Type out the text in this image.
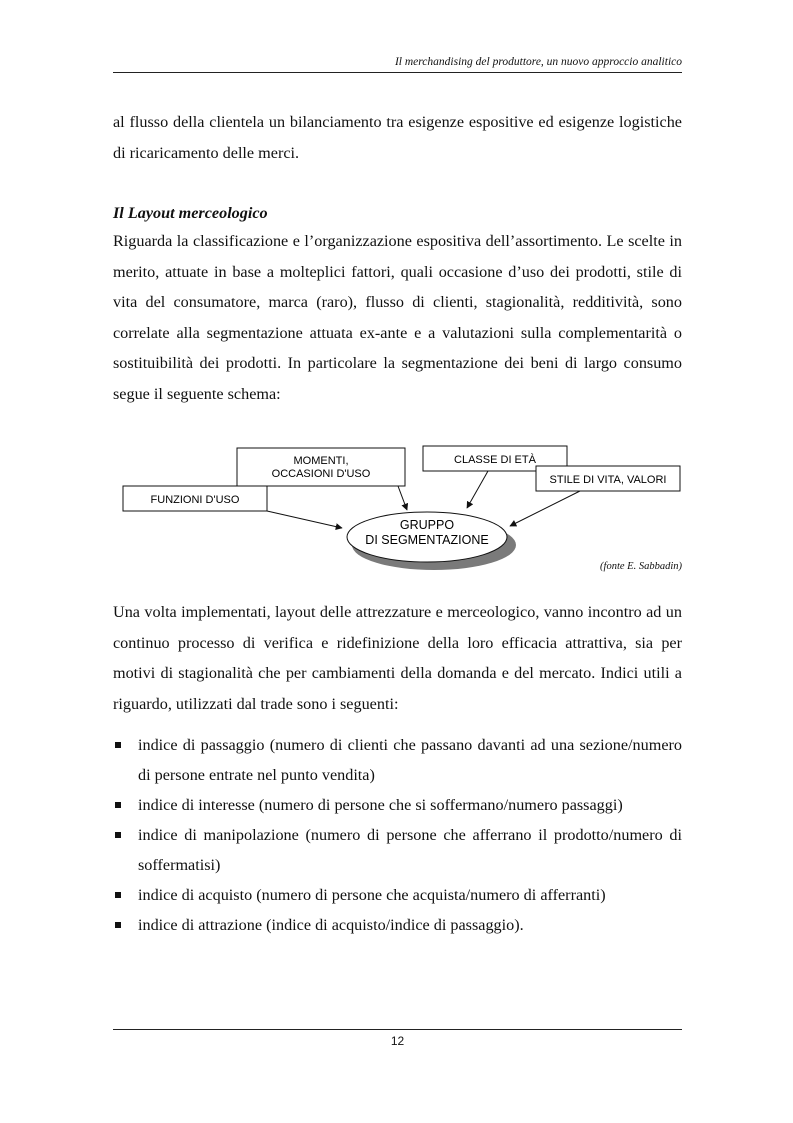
Il merchandising del produttore, un nuovo approccio analitico

al flusso della clientela un bilanciamento tra esigenze espositive ed esigenze logistiche di ricaricamento delle merci.

Il Layout merceologico

Riguarda la classificazione e l’organizzazione espositiva dell’assortimento. Le scelte in merito, attuate in base a molteplici fattori, quali occasione d’uso dei prodotti, stile di vita del consumatore, marca (raro), flusso di clienti, stagionalità, redditività, sono correlate alla segmentazione attuata ex-ante e a valutazioni sulla complementarità o sostituibilità dei prodotti. In particolare la segmentazione dei beni di largo consumo segue il seguente schema:

FUNZIONI D'USO
MOMENTI,
OCCASIONI D'USO
CLASSE DI ETÀ
STILE DI VITA, VALORI
GRUPPO
DI SEGMENTAZIONE
(fonte E. Sabbadin)

Una volta implementati, layout delle attrezzature e merceologico, vanno incontro ad un continuo processo di verifica e ridefinizione della loro efficacia attrattiva, sia per motivi di stagionalità che per cambiamenti della domanda e del mercato. Indici utili a riguardo, utilizzati dal trade sono i seguenti:

indice di passaggio (numero di clienti che passano davanti ad una sezione/numero di persone entrate nel punto vendita)
indice di interesse (numero di persone che si soffermano/numero passaggi)
indice di manipolazione (numero di persone che afferrano il prodotto/numero di soffermatisi)
indice di acquisto (numero di persone che acquista/numero di afferranti)
indice di attrazione (indice di acquisto/indice di passaggio).
12
